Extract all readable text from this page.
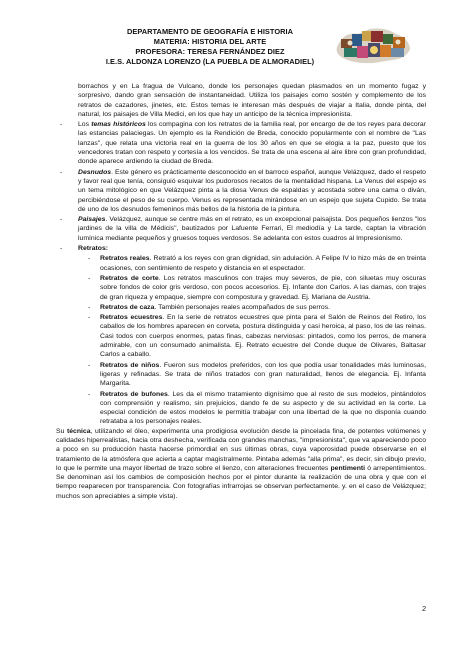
DEPARTAMENTO DE GEOGRAFÍA E HISTORIA
MATERIA: HISTORIA DEL ARTE
PROFESORA: TERESA FERNÁNDEZ DIEZ
I.E.S. ALDONZA LORENZO (LA PUEBLA DE ALMORADIEL)

borrachos y en La fragua de Vulcano, donde los personajes quedan plasmados en un momento fugaz y sorpresivo, dando gran sensación de instantaneidad. Utiliza los paisajes como sostén y complemento de los retratos de cazadores, jinetes, etc. Estos temas le interesan más después de viajar a Italia, donde pinta, del natural, los paisajes de Villa Medici, en los que hay un anticipo de la técnica impresionista.

- Los temas históricos los compagina con los retratos de la familia real, por encargo de de los reyes para decorar las estancias palaciegas. Un ejemplo es la Rendición de Breda, conocido popularmente con el nombre de "Las lanzas", que relata una victoria real en la guerra de los 30 años en que se elogia a la paz, puesto que los vencedores tratan con respeto y cortesía a los vencidos. Se trata de una escena al aire libre con gran profundidad, donde aparece ardiendo la ciudad de Breda.
- Desnudos. Este género es prácticamente desconocido en el barroco español, aunque Velázquez, dado el respeto y favor real que tenía, consiguió esquivar los pudorosos recatos de la mentalidad hispana. La Venus del espejo es un tema mitológico en que Velázquez pinta a la diosa Venus de espaldas y acostada sobre una cama o diván, percibiéndose el peso de su cuerpo. Venus es representada mirándose en un espejo que sujeta Cupido. Se trata de uno de los desnudos femeninos más bellos de la historia de la pintura.
- Paisajes. Velázquez, aunque se centre más en el retrato, es un excepcional paisajista. Dos pequeños lienzos "los jardines de la villa de Médicis", bautizados por Lafuente Ferrari, El mediodía y La tarde, captan la vibración lumínica mediante pequeños y gruesos toques verdosos. Se adelanta con estos cuadros al Impresionismo.
- Retratos:
- Retratos reales. Retrató a los reyes con gran dignidad, sin adulación. A Felipe IV lo hizo más de en treinta ocasiones, con sentimiento de respeto y distancia en el espectador.
- Retratos de corte. Los retratos masculinos con trajes muy severos, de pie, con siluetas muy oscuras sobre fondos de color gris verdoso, con pocos accesorios. Ej. Infante don Carlos. A las damas, con trajes de gran riqueza y empaque, siempre con compostura y gravedad. Ej. Mariana de Austria.
- Retratos de caza. También personajes reales acompañados de sus perros.
- Retratos ecuestres. En la serie de retratos ecuestres que pinta para el Salón de Reinos del Retiro, los caballos de los hombres aparecen en corveta, postura distinguida y casi heroica, al paso, los de las reinas. Casi todos con cuerpos enormes, patas finas, cabezas nerviosas: pintados, como los perros, de manera admirable, con un consumado animalista. Ej. Retrato ecuestre del Conde duque de Olivares, Baltasar Carlos a caballo.
- Retratos de niños. Fueron sus modelos preferidos, con los que podía usar tonalidades más luminosas, ligeras y refinadas. Se trata de niños tratados con gran naturalidad, llenos de elegancia. Ej. Infanta Margarita.
- Retratos de bufones. Les da el mismo tratamiento dignísimo que al resto de sus modelos, pintándolos con comprensión y realismo, sin prejuicios, dando fe de su aspecto y de su actividad en la corte. La especial condición de estos modelos le permitía trabajar con una libertad de la que no disponía cuando retrataba a los personajes reales.

Su técnica, utilizando el óleo, experimenta una prodigiosa evolución desde la pincelada fina, de potentes volúmenes y calidades hiperrealistas, hacia otra deshecha, verificada con grandes manchas, "impresionista", que va apareciendo poco a poco en su producción hasta hacerse primordial en sus últimas obras, cuya vaporosidad puede observarse en el tratamiento de la atmósfera que acierta a captar magistralmente. Pintaba además "alla prima", es decir, sin dibujo previo, lo que le permite una mayor libertad de trazo sobre el lienzo, con alteraciones frecuentes pentimenti ó arrepentimientos. Se denominan así los cambios de composición hechos por el pintor durante la realización de una obra y que con el tiempo reaparecen por transparencia. Con fotografías infrarrojas se observan perfectamente. y. en el caso de Velázquez; muchos son apreciables a simple vista).

2
